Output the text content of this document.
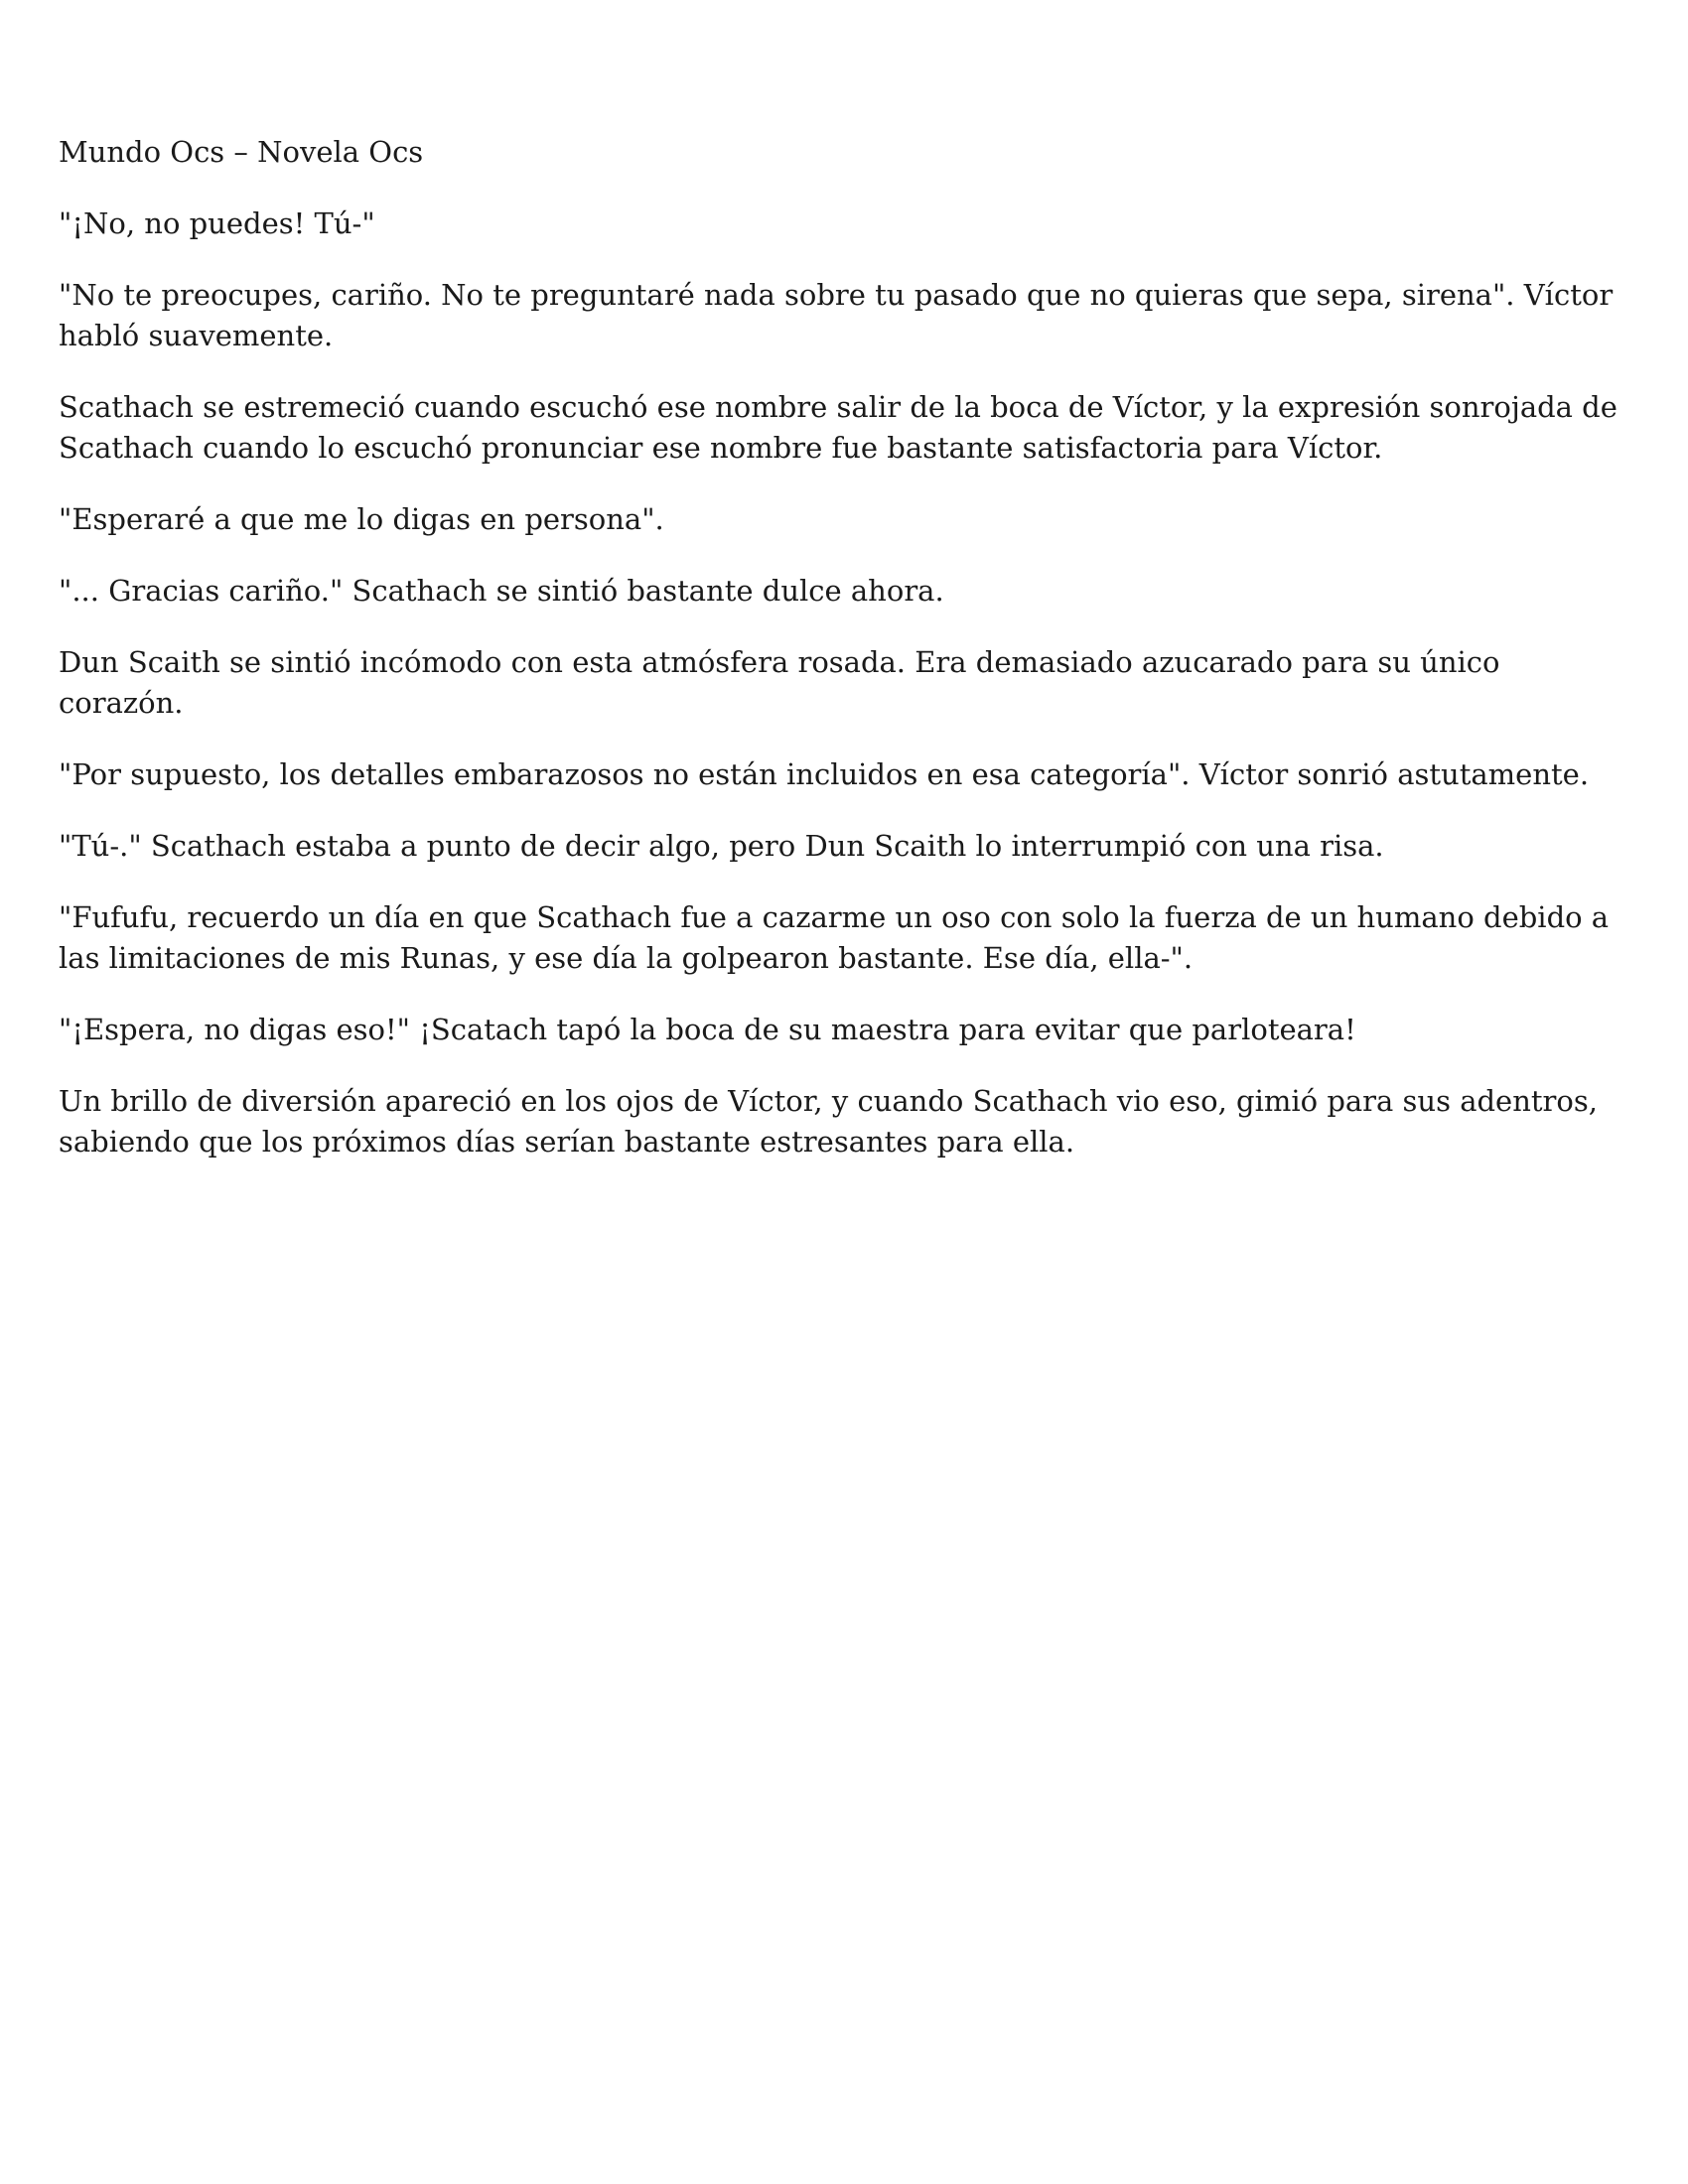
Mundo Ocs – Novela Ocs

"¡No, no puedes! Tú-"

"No te preocupes, cariño. No te preguntaré nada sobre tu pasado que no quieras que sepa, sirena". Víctor habló suavemente.

Scathach se estremeció cuando escuchó ese nombre salir de la boca de Víctor, y la expresión sonrojada de Scathach cuando lo escuchó pronunciar ese nombre fue bastante satisfactoria para Víctor.

"Esperaré a que me lo digas en persona".

"... Gracias cariño." Scathach se sintió bastante dulce ahora.

Dun Scaith se sintió incómodo con esta atmósfera rosada. Era demasiado azucarado para su único corazón.

"Por supuesto, los detalles embarazosos no están incluidos en esa categoría". Víctor sonrió astutamente.

"Tú-." Scathach estaba a punto de decir algo, pero Dun Scaith lo interrumpió con una risa.

"Fufufu, recuerdo un día en que Scathach fue a cazarme un oso con solo la fuerza de un humano debido a las limitaciones de mis Runas, y ese día la golpearon bastante. Ese día, ella-".

"¡Espera, no digas eso!" ¡Scatach tapó la boca de su maestra para evitar que parloteara!

Un brillo de diversión apareció en los ojos de Víctor, y cuando Scathach vio eso, gimió para sus adentros, sabiendo que los próximos días serían bastante estresantes para ella.
